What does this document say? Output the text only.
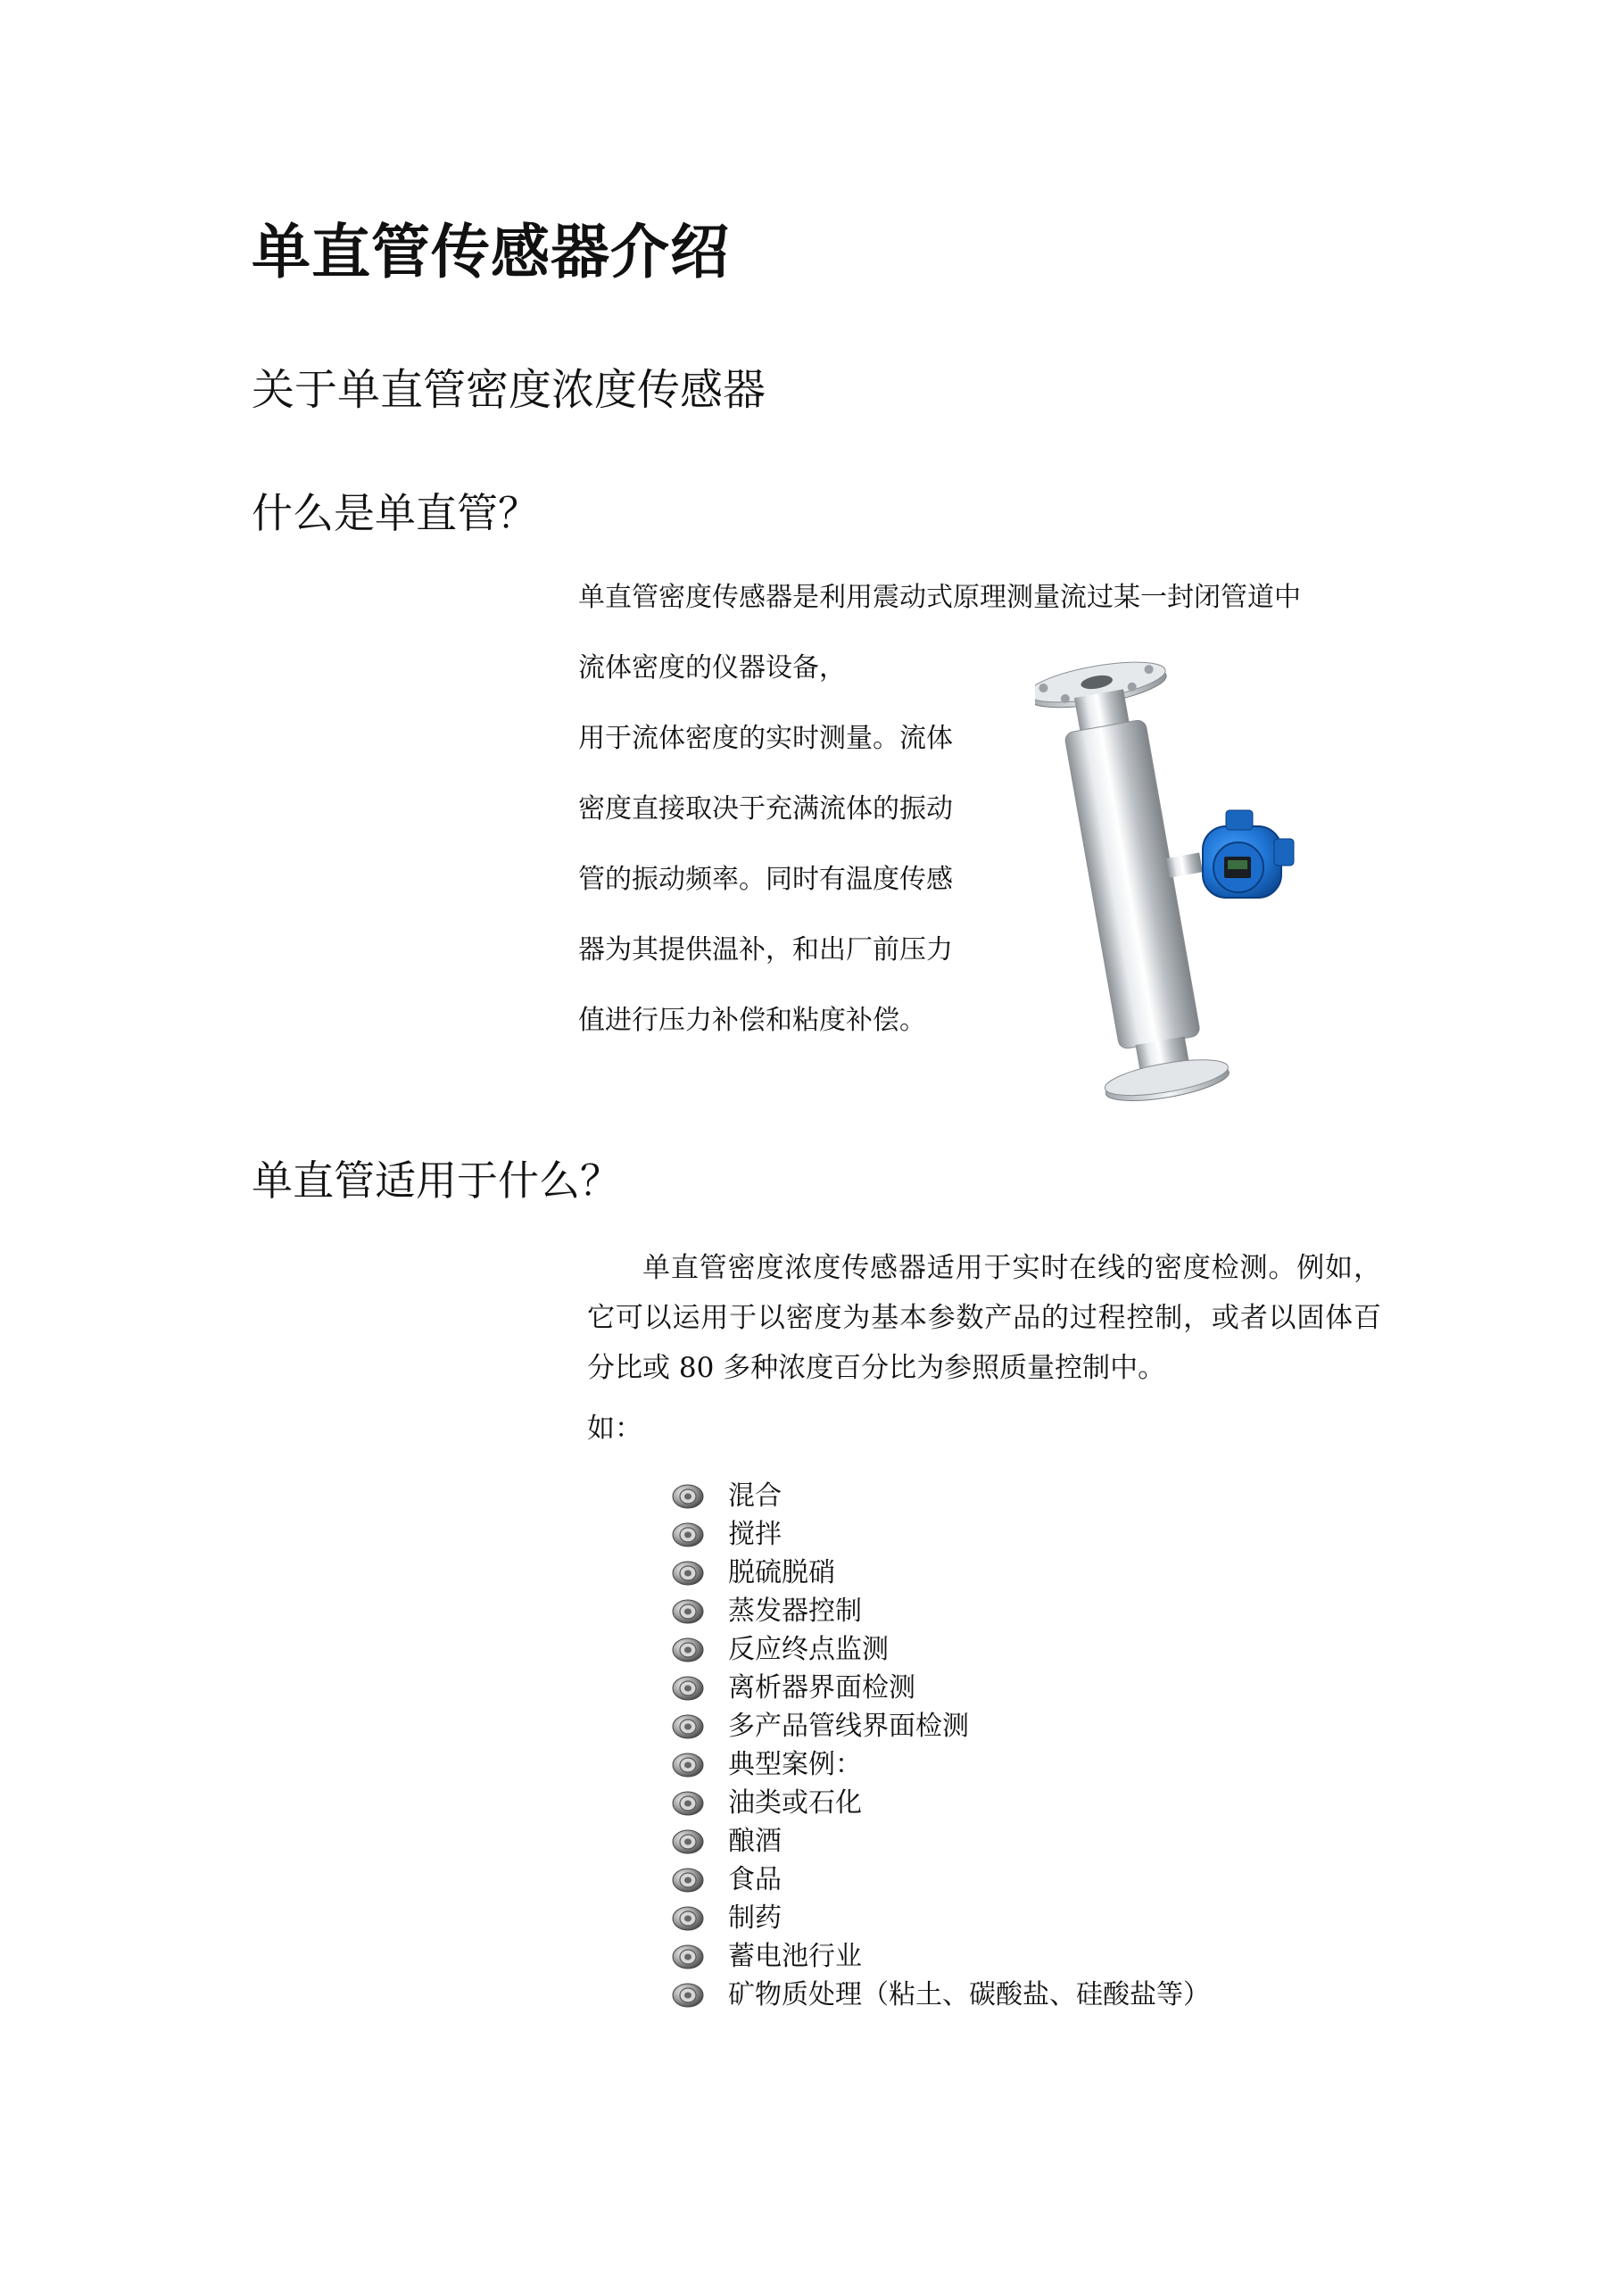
单直管传感器介绍
关于单直管密度浓度传感器
什么是单直管？

单直管密度传感器是利用震动式原理测量流过某一封闭管道中
流体密度的仪器设备，
用于流体密度的实时测量。流体
密度直接取决于充满流体的振动
管的振动频率。同时有温度传感
器为其提供温补，和出厂前压力
值进行压力补偿和粘度补偿。

单直管适用于什么？

单直管密度浓度传感器适用于实时在线的密度检测。例如，它可以运用于以密度为基本参数产品的过程控制，或者以固体百分比或 80 多种浓度百分比为参照质量控制中。

如：

混合
搅拌
脱硫脱硝
蒸发器控制
反应终点监测
离析器界面检测
多产品管线界面检测
典型案例：
油类或石化
酿酒
食品
制药
蓄电池行业
矿物质处理（粘土、碳酸盐、硅酸盐等）
